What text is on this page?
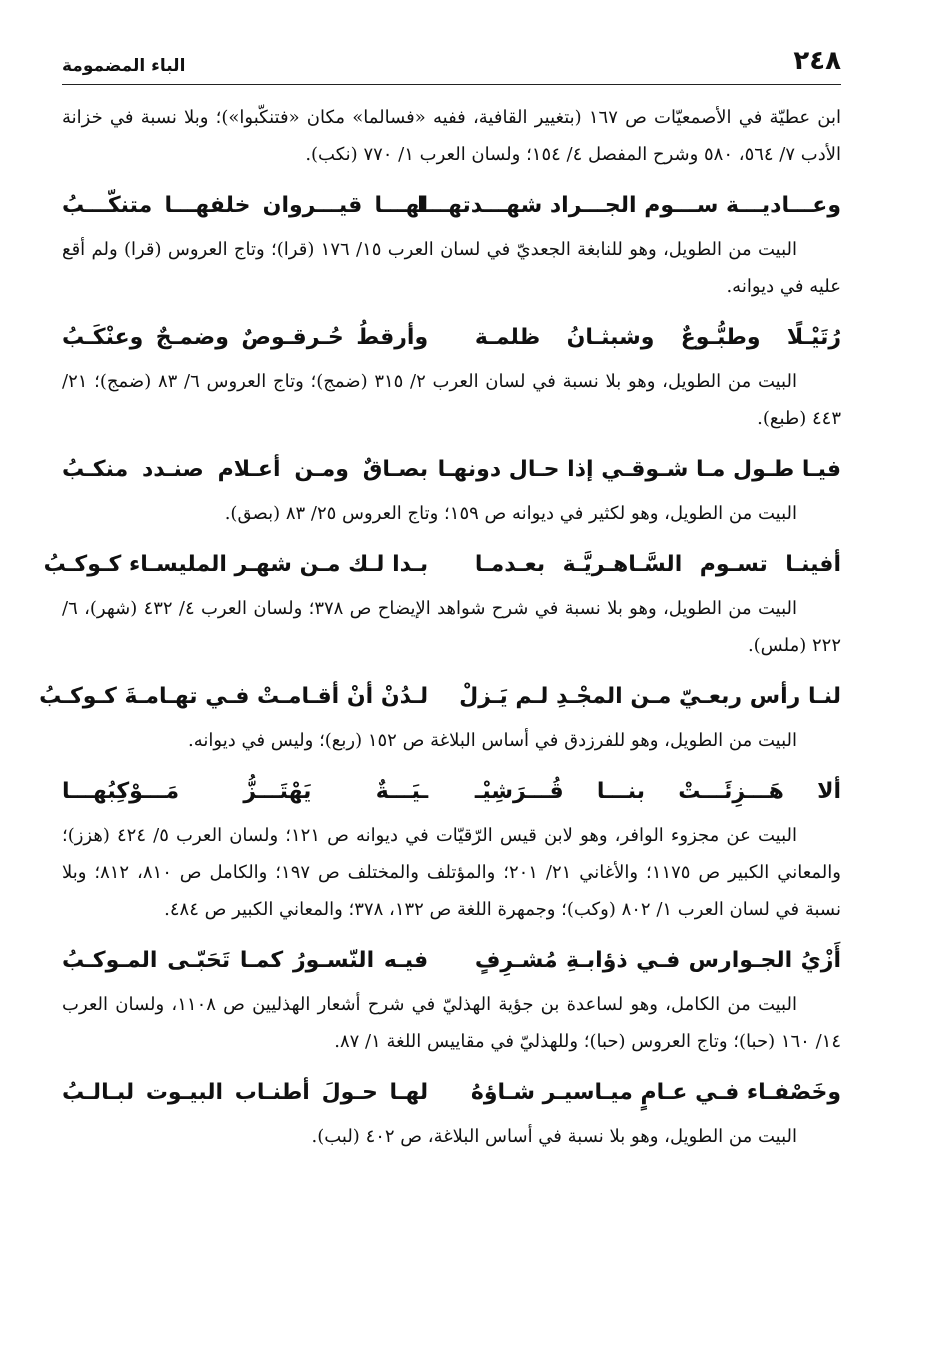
٢٤٨
الباء المضمومة

ابن عطيّة في الأصمعيّات ص ١٦٧ (بتغيير القافية، ففيه «فسالما» مكان «فتنكّبوا»)؛ وبلا نسبة في خزانة الأدب ٧/ ٥٦٤، ٥٨٠ وشرح المفصل ٤/ ١٥٤؛ ولسان العرب ١/ ٧٧٠ (نكب).

وعـــاديـــة ســـوم الجـــراد شهـــدتهـــا
لهـــا قيـــروان خلفهـــا متنكّـــبُ

البيت من الطويل، وهو للنابغة الجعديّ في لسان العرب ١٥/ ١٧٦ (قرا)؛ وتاج العروس (قرا) ولم أقع عليه في ديوانه.

رُتَيْـلًا وطبُّـوعٌ وشبثـانُ ظلمـة
وأرقطُ حُـرقـوصٌ وضمـجٌ وعنْكَـبُ

البيت من الطويل، وهو بلا نسبة في لسان العرب ٢/ ٣١٥ (ضمج)؛ وتاج العروس ٦/ ٨٣ (ضمج)؛ ٢١/ ٤٤٣ (طبع).

فيـا طـول مـا شـوقـي إذا حـال دونهـا
بصـاقٌ ومـن أعـلام صنـدد منكـبُ

البيت من الطويل، وهو لكثير في ديوانه ص ١٥٩؛ وتاج العروس ٢٥/ ٨٣ (بصق).

أفينـا تسـوم السَّـاهـريَّـة بعـدمـا
بـدا لـك مـن شهـر المليسـاء كـوكـبُ

البيت من الطويل، وهو بلا نسبة في شرح شواهد الإيضاح ص ٣٧٨؛ ولسان العرب ٤/ ٤٣٢ (شهر)، ٦/ ٢٢٢ (ملس).

لنـا رأس ربعـيّ مـن المجْـدِ لـم يَـزلْ
لـدُنْ أنْ أقـامـتْ فـي تهـامـةَ كـوكـبُ

البيت من الطويل، وهو للفرزدق في أساس البلاغة ص ١٥٢ (ربع)؛ وليس في ديوانه.

ألا هَـــزِئَـــتْ بنـــا قُـــرَشِيْـ
ـيَـــةٌ يَهْتَـــزُّ مَـــوْكِبُهـــا

البيت عن مجزوء الوافر، وهو لابن قيس الرّقيّات في ديوانه ص ١٢١؛ ولسان العرب ٥/ ٤٢٤ (هزز)؛ والمعاني الكبير ص ١١٧٥؛ والأغاني ٢١/ ٢٠١؛ والمؤتلف والمختلف ص ١٩٧؛ والكامل ص ٨١٠، ٨١٢؛ وبلا نسبة في لسان العرب ١/ ٨٠٢ (وكب)؛ وجمهرة اللغة ص ١٣٢، ٣٧٨؛ والمعاني الكبير ص ٤٨٤.

أَزْيُ الجـوارس فـي ذؤابـةِ مُشـرِفٍ
فيـه النّسـورُ كمـا تَحَبّـى المـوكـبُ

البيت من الكامل، وهو لساعدة بن جؤية الهذليّ في شرح أشعار الهذليين ص ١١٠٨، ولسان العرب ١٤/ ١٦٠ (حبا)؛ وتاج العروس (حبا)؛ وللهذليّ في مقاييس اللغة ١/ ٨٧.

وخَصْفـاء فـي عـامٍ ميـاسيـر شـاؤهُ
لهـا حـولَ أطنـاب البيـوت لبـالـبُ

البيت من الطويل، وهو بلا نسبة في أساس البلاغة، ص ٤٠٢ (لبب).
